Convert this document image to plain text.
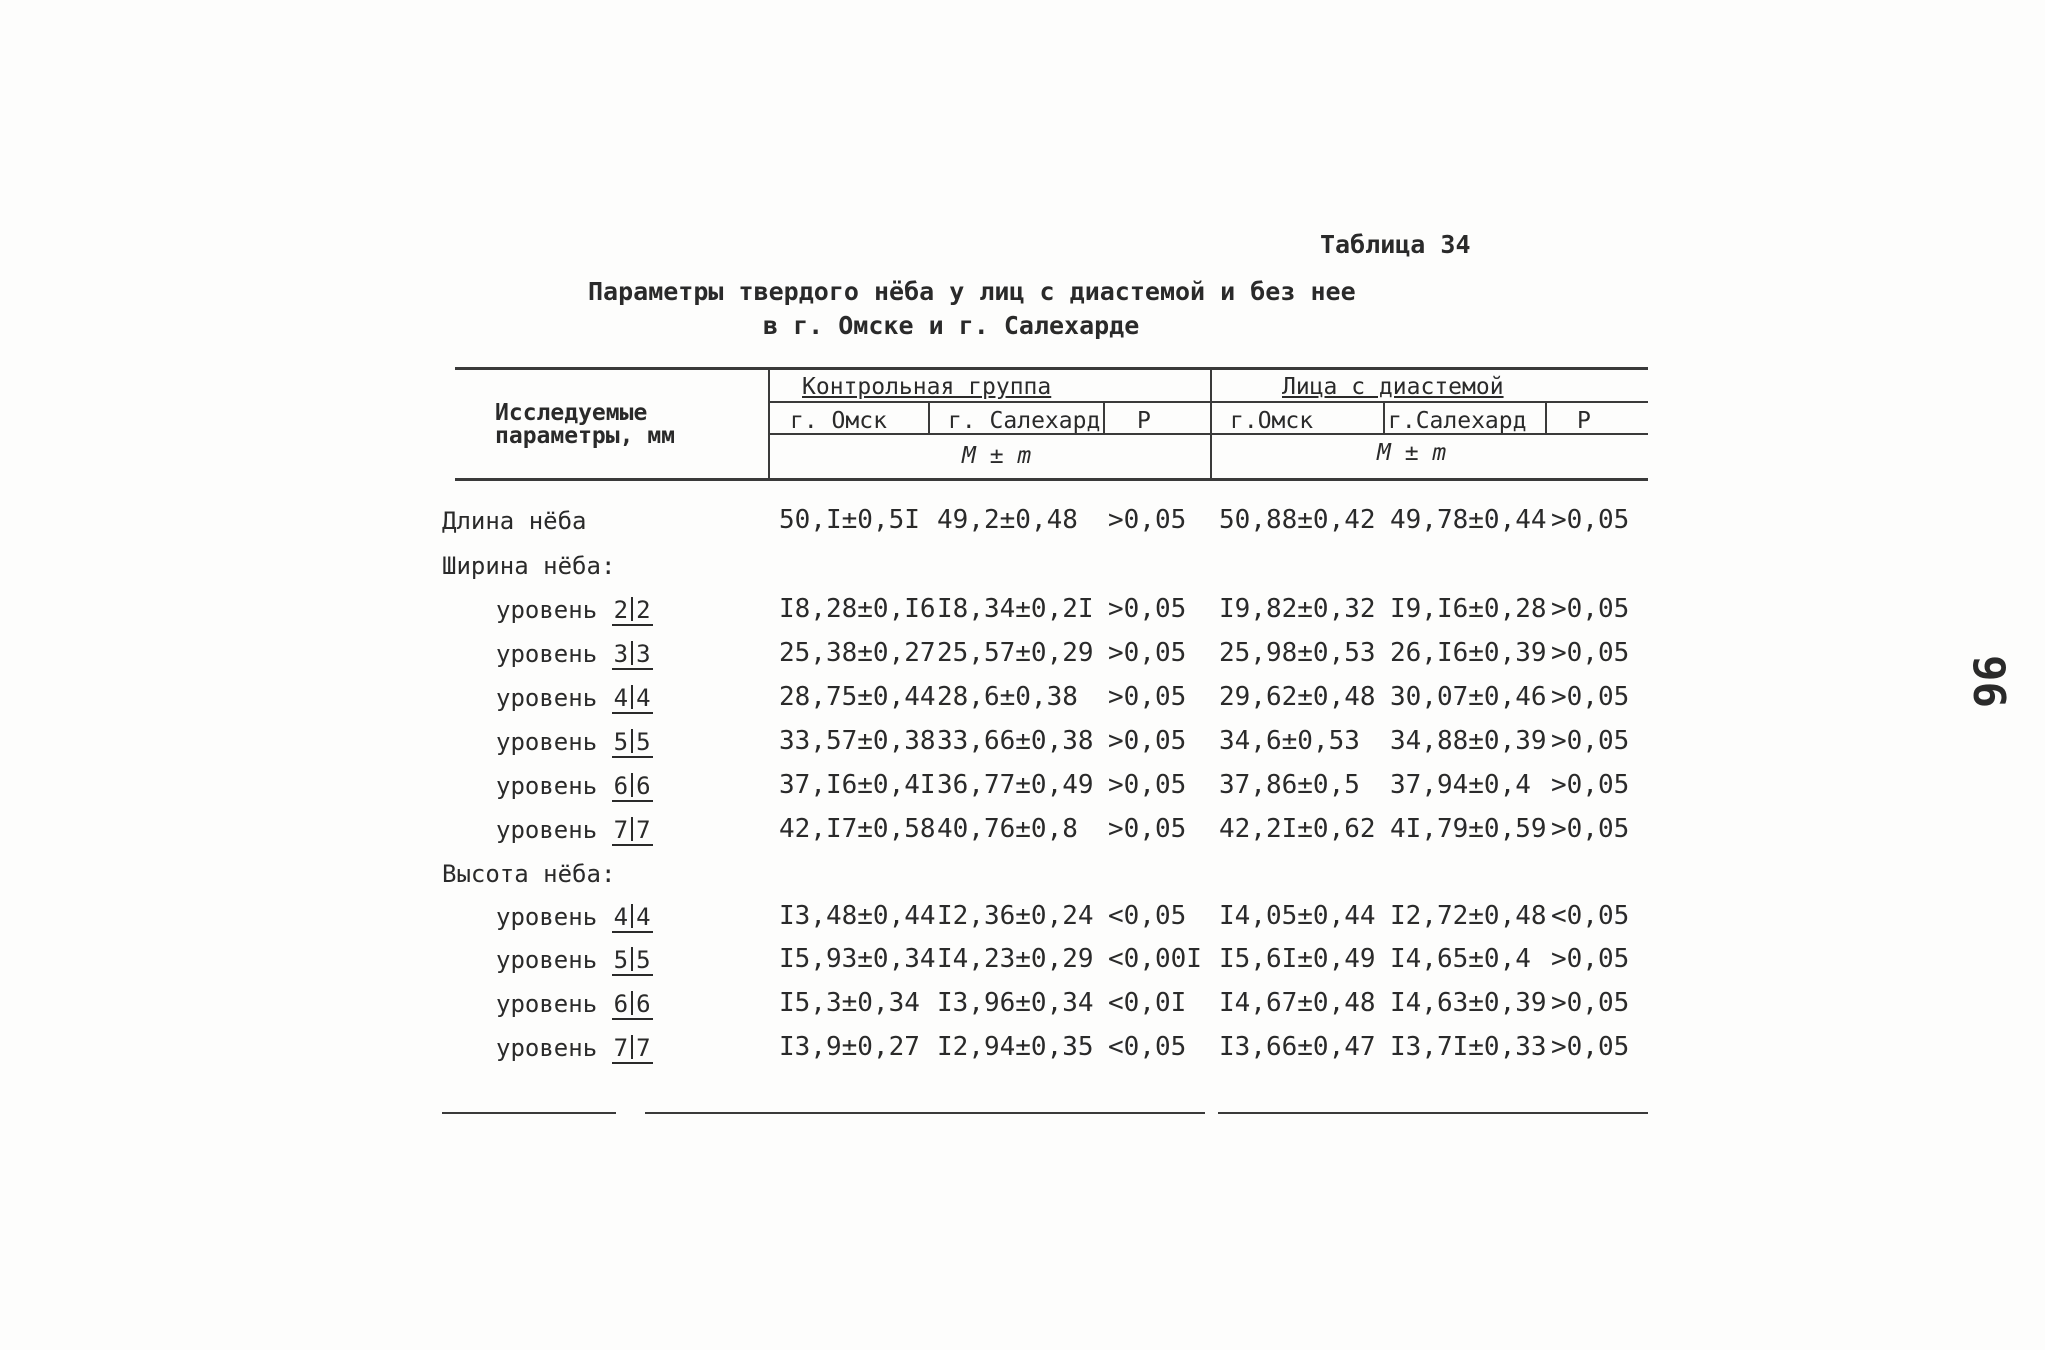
Таблица 34
Параметры твердого нёба у лиц с диастемой и без нее
в г. Омске и г. Салехарде
96
Исследуемые
параметры, мм
Контрольная группа	Лица с диастемой
г. Омск	г. Салехард Р	г.Омск	г.Салехард Р
M ± m	M ± m
Длина нёба	50,I±0,5I 49,2±0,48 >0,05 50,88±0,42 49,78±0,44 >0,05
Ширина нёба:
уровень 2 2	I8,28±0,I6 I8,34±0,2I >0,05 I9,82±0,32 I9,I6±0,28 >0,05
уровень 3 3	25,38±0,27 25,57±0,29 >0,05 25,98±0,53 26,I6±0,39 >0,05
уровень 4 4	28,75±0,44 28,6±0,38 >0,05 29,62±0,48 30,07±0,46 >0,05
уровень 5 5	33,57±0,38 33,66±0,38 >0,05 34,6±0,53 34,88±0,39 >0,05
уровень 6 6	37,I6±0,4I 36,77±0,49 >0,05 37,86±0,5 37,94±0,4 >0,05
уровень 7 7	42,I7±0,58 40,76±0,8 >0,05 42,2I±0,62 4I,79±0,59 >0,05
Высота нёба:
уровень 4 4	I3,48±0,44 I2,36±0,24 <0,05 I4,05±0,44 I2,72±0,48 <0,05
уровень 5 5	I5,93±0,34 I4,23±0,29 <0,00I I5,6I±0,49 I4,65±0,4 >0,05
уровень 6 6	I5,3±0,34 I3,96±0,34 <0,0I I4,67±0,48 I4,63±0,39 >0,05
уровень 7 7	I3,9±0,27 I2,94±0,35 <0,05 I3,66±0,47 I3,7I±0,33 >0,05
